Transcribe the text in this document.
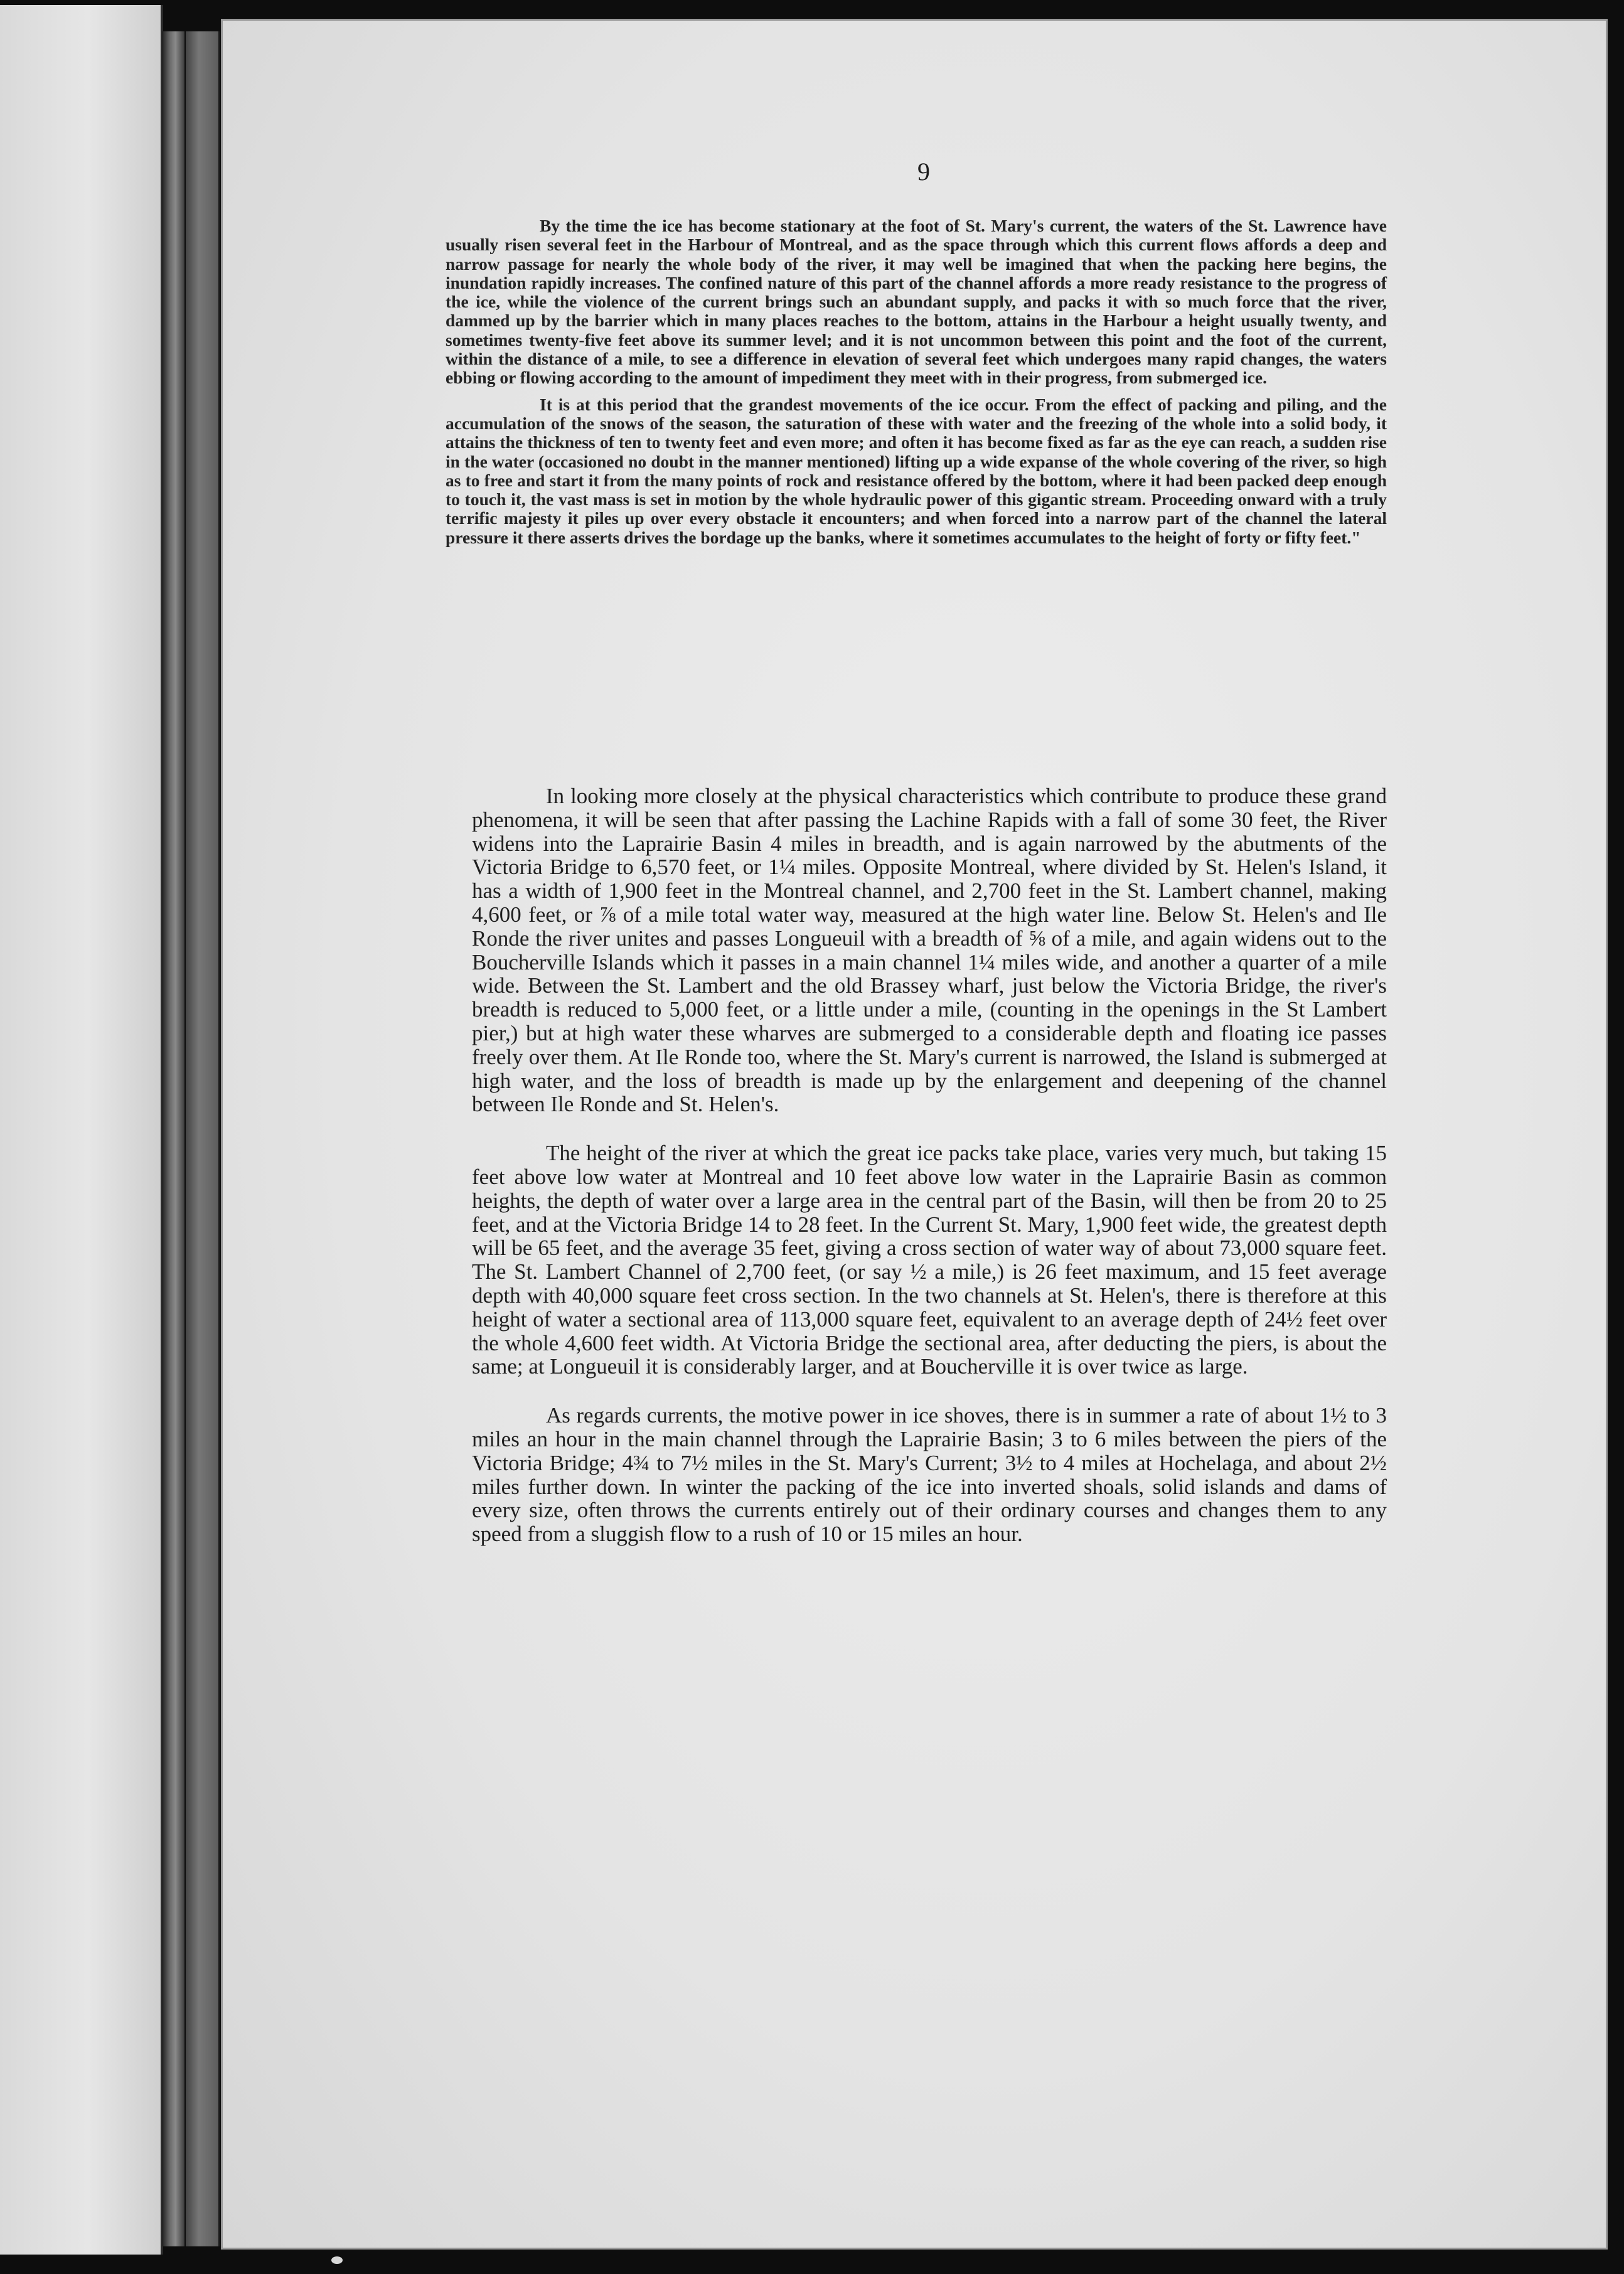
9

By the time the ice has become stationary at the foot of St. Mary's current, the waters of the St. Lawrence have usually risen several feet in the Harbour of Montreal, and as the space through which this current flows affords a deep and narrow passage for nearly the whole body of the river, it may well be imagined that when the packing here begins, the inundation rapidly increases. The confined nature of this part of the channel affords a more ready resistance to the progress of the ice, while the violence of the current brings such an abundant supply, and packs it with so much force that the river, dammed up by the barrier which in many places reaches to the bottom, attains in the Harbour a height usually twenty, and sometimes twenty-five feet above its summer level; and it is not uncommon between this point and the foot of the current, within the distance of a mile, to see a difference in elevation of several feet which undergoes many rapid changes, the waters ebbing or flowing according to the amount of impediment they meet with in their progress, from submerged ice.

It is at this period that the grandest movements of the ice occur. From the effect of packing and piling, and the accumulation of the snows of the season, the saturation of these with water and the freezing of the whole into a solid body, it attains the thickness of ten to twenty feet and even more; and often it has become fixed as far as the eye can reach, a sudden rise in the water (occasioned no doubt in the manner mentioned) lifting up a wide expanse of the whole covering of the river, so high as to free and start it from the many points of rock and resistance offered by the bottom, where it had been packed deep enough to touch it, the vast mass is set in motion by the whole hydraulic power of this gigantic stream. Proceeding onward with a truly terrific majesty it piles up over every obstacle it encounters; and when forced into a narrow part of the channel the lateral pressure it there asserts drives the bordage up the banks, where it sometimes accumulates to the height of forty or fifty feet."

In looking more closely at the physical characteristics which contribute to produce these grand phenomena, it will be seen that after passing the Lachine Rapids with a fall of some 30 feet, the River widens into the Laprairie Basin 4 miles in breadth, and is again narrowed by the abutments of the Victoria Bridge to 6,570 feet, or 1¼ miles. Opposite Montreal, where divided by St. Helen's Island, it has a width of 1,900 feet in the Montreal channel, and 2,700 feet in the St. Lambert channel, making 4,600 feet, or ⅞ of a mile total water way, measured at the high water line. Below St. Helen's and Ile Ronde the river unites and passes Longueuil with a breadth of ⅝ of a mile, and again widens out to the Boucherville Islands which it passes in a main channel 1¼ miles wide, and another a quarter of a mile wide. Between the St. Lambert and the old Brassey wharf, just below the Victoria Bridge, the river's breadth is reduced to 5,000 feet, or a little under a mile, (counting in the openings in the St Lambert pier,) but at high water these wharves are submerged to a considerable depth and floating ice passes freely over them. At Ile Ronde too, where the St. Mary's current is narrowed, the Island is submerged at high water, and the loss of breadth is made up by the enlargement and deepening of the channel between Ile Ronde and St. Helen's.

The height of the river at which the great ice packs take place, varies very much, but taking 15 feet above low water at Montreal and 10 feet above low water in the Laprairie Basin as common heights, the depth of water over a large area in the central part of the Basin, will then be from 20 to 25 feet, and at the Victoria Bridge 14 to 28 feet. In the Current St. Mary, 1,900 feet wide, the greatest depth will be 65 feet, and the average 35 feet, giving a cross section of water way of about 73,000 square feet. The St. Lambert Channel of 2,700 feet, (or say ½ a mile,) is 26 feet maximum, and 15 feet average depth with 40,000 square feet cross section. In the two channels at St. Helen's, there is therefore at this height of water a sectional area of 113,000 square feet, equivalent to an average depth of 24½ feet over the whole 4,600 feet width. At Victoria Bridge the sectional area, after deducting the piers, is about the same; at Longueuil it is considerably larger, and at Boucherville it is over twice as large.

As regards currents, the motive power in ice shoves, there is in summer a rate of about 1½ to 3 miles an hour in the main channel through the Laprairie Basin; 3 to 6 miles between the piers of the Victoria Bridge; 4¾ to 7½ miles in the St. Mary's Current; 3½ to 4 miles at Hochelaga, and about 2½ miles further down. In winter the packing of the ice into inverted shoals, solid islands and dams of every size, often throws the currents entirely out of their ordinary courses and changes them to any speed from a sluggish flow to a rush of 10 or 15 miles an hour.
